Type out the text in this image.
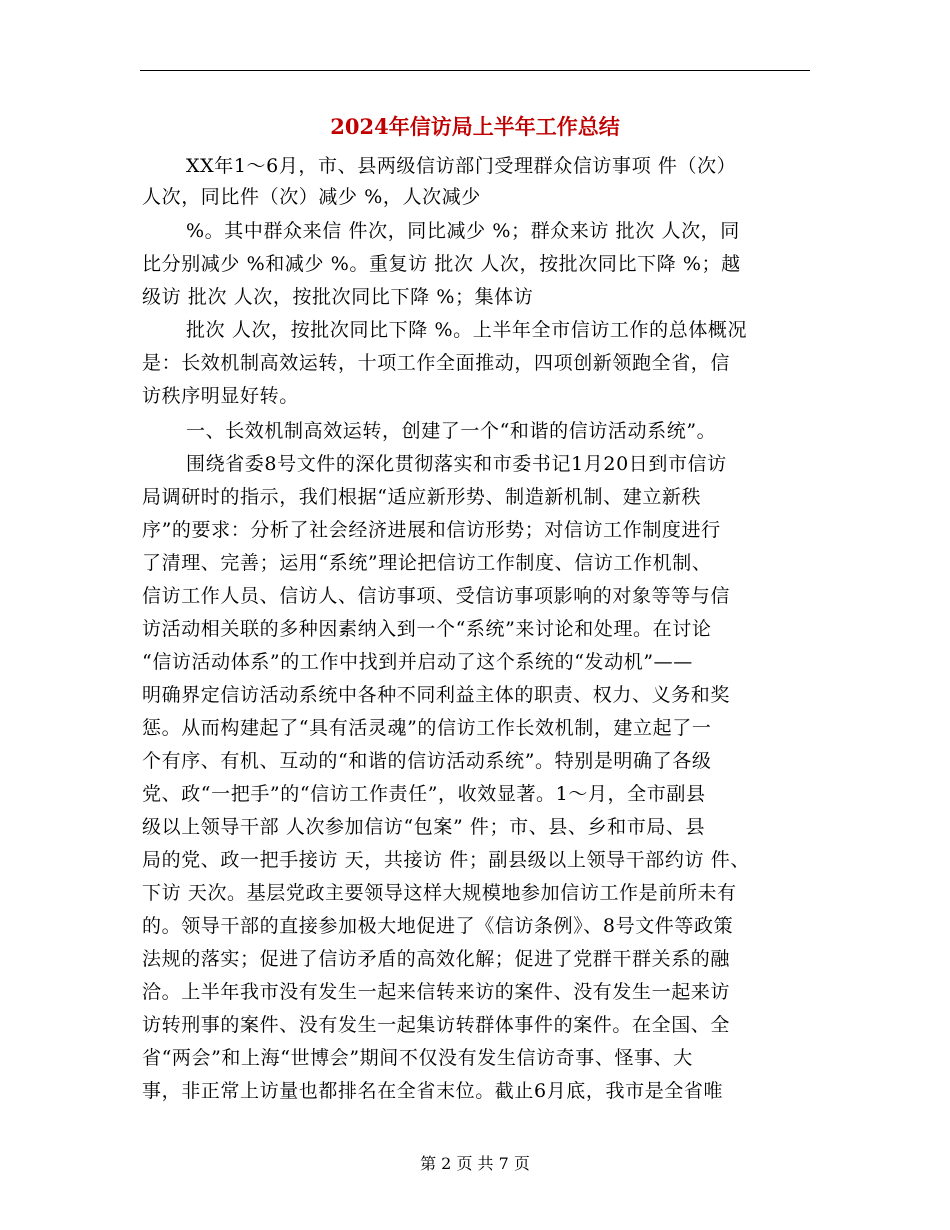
2024年信访局上半年工作总结
XX年1～6月，市、县两级信访部门受理群众信访事项 件（次）
人次，同比件（次）减少 %，人次减少
%。其中群众来信 件次，同比减少 %；群众来访 批次 人次，同
比分别减少 %和减少 %。重复访 批次 人次，按批次同比下降 %；越
级访 批次 人次，按批次同比下降 %；集体访
批次 人次，按批次同比下降 %。上半年全市信访工作的总体概况
是：长效机制高效运转，十项工作全面推动，四项创新领跑全省，信
访秩序明显好转。
一、长效机制高效运转，创建了一个“和谐的信访活动系统”。
围绕省委8号文件的深化贯彻落实和市委书记1月20日到市信访
局调研时的指示，我们根据“适应新形势、制造新机制、建立新秩
序”的要求：分析了社会经济进展和信访形势；对信访工作制度进行
了清理、完善；运用“系统”理论把信访工作制度、信访工作机制、
信访工作人员、信访人、信访事项、受信访事项影响的对象等等与信
访活动相关联的多种因素纳入到一个“系统”来讨论和处理。在讨论
“信访活动体系”的工作中找到并启动了这个系统的“发动机”——
明确界定信访活动系统中各种不同利益主体的职责、权力、义务和奖
惩。从而构建起了“具有活灵魂”的信访工作长效机制，建立起了一
个有序、有机、互动的“和谐的信访活动系统”。特别是明确了各级
党、政“一把手”的“信访工作责任”，收效显著。1～月，全市副县
级以上领导干部 人次参加信访“包案” 件；市、县、乡和市局、县
局的党、政一把手接访 天，共接访 件；副县级以上领导干部约访 件、
下访 天次。基层党政主要领导这样大规模地参加信访工作是前所未有
的。领导干部的直接参加极大地促进了《信访条例》、8号文件等政策
法规的落实；促进了信访矛盾的高效化解；促进了党群干群关系的融
洽。上半年我市没有发生一起来信转来访的案件、没有发生一起来访
访转刑事的案件、没有发生一起集访转群体事件的案件。在全国、全
省“两会”和上海“世博会”期间不仅没有发生信访奇事、怪事、大
事，非正常上访量也都排名在全省末位。截止6月底，我市是全省唯
第 2 页 共 7 页
